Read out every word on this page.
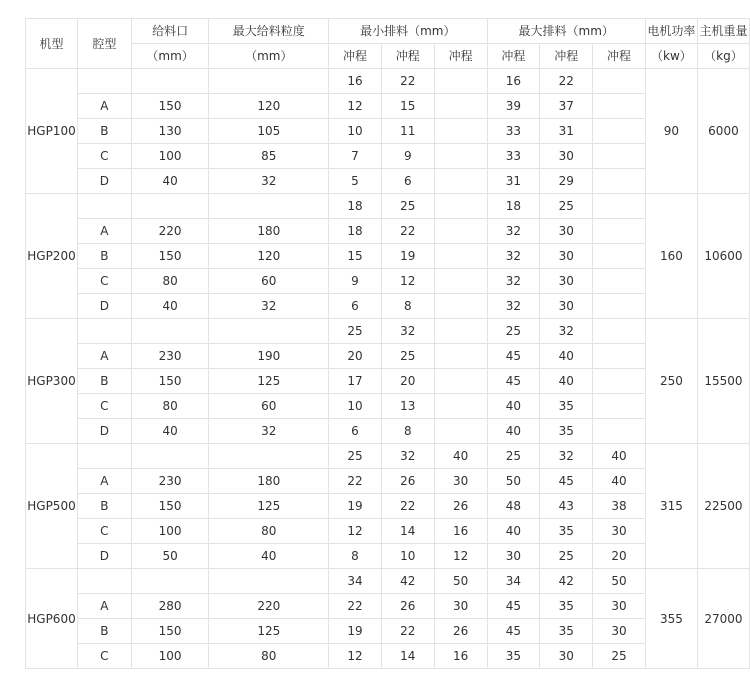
机型	腔型	给料口	最大给料粒度	最小排料（mm）			最大排料（mm）			电机功率	主机重量
		（mm）	（mm）	冲程	冲程	冲程	冲程	冲程	冲程	（kw）	（kg）
HGP100				16	22		16	22		90	6000
	A	150	120	12	15		39	37			
	B	130	105	10	11		33	31			
	C	100	85	7	9		33	30			
	D	40	32	5	6		31	29			
HGP200				18	25		18	25		160	10600
	A	220	180	18	22		32	30			
	B	150	120	15	19		32	30			
	C	80	60	9	12		32	30			
	D	40	32	6	8		32	30			
HGP300				25	32		25	32		250	15500
	A	230	190	20	25		45	40			
	B	150	125	17	20		45	40			
	C	80	60	10	13		40	35			
	D	40	32	6	8		40	35			
HGP500				25	32	40	25	32	40	315	22500
	A	230	180	22	26	30	50	45	40		
	B	150	125	19	22	26	48	43	38		
	C	100	80	12	14	16	40	35	30		
	D	50	40	8	10	12	30	25	20		
HGP600				34	42	50	34	42	50	355	27000
	A	280	220	22	26	30	45	35	30		
	B	150	125	19	22	26	45	35	30		
	C	100	80	12	14	16	35	30	25		
